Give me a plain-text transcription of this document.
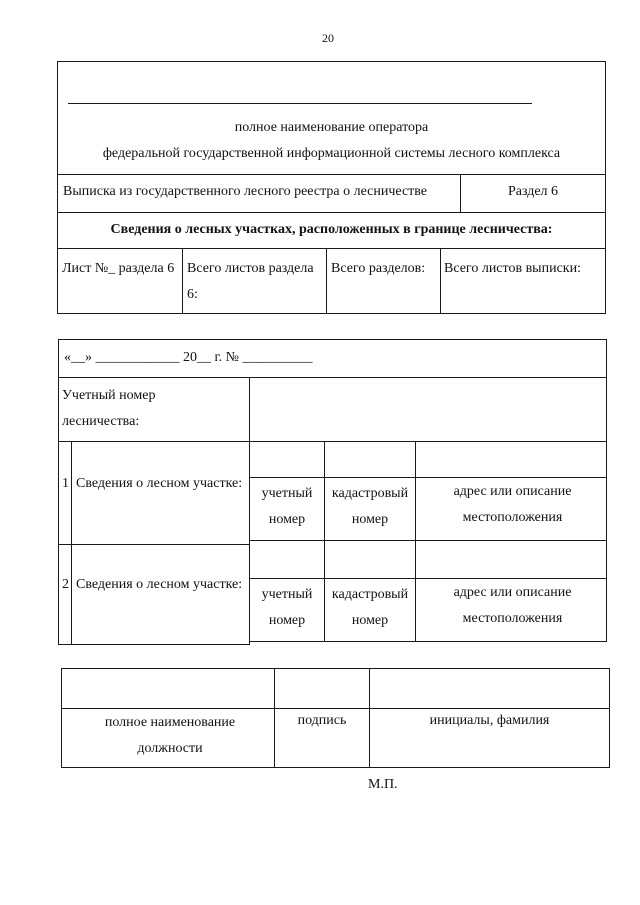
20
полное наименование оператора
федеральной государственной информационной системы лесного комплекса
Выписка из государственного лесного реестра о лесничестве	Раздел 6
Сведения о лесных участках, расположенных в границе лесничества:
Лист №_ раздела 6 Всего листов раздела 6:
Всего разделов: Всего листов выписки:
«__» ____________ 20__ г. № __________
Учетный номер лесничества:
1 Сведения о лесном участке:
учетный номер
кадастровый номер
адрес или описание местоположения
2 Сведения о лесном участке:
учетный номер
кадастровый номер
адрес или описание местоположения
полное наименование должности
подпись	инициалы, фамилия
М.П.
